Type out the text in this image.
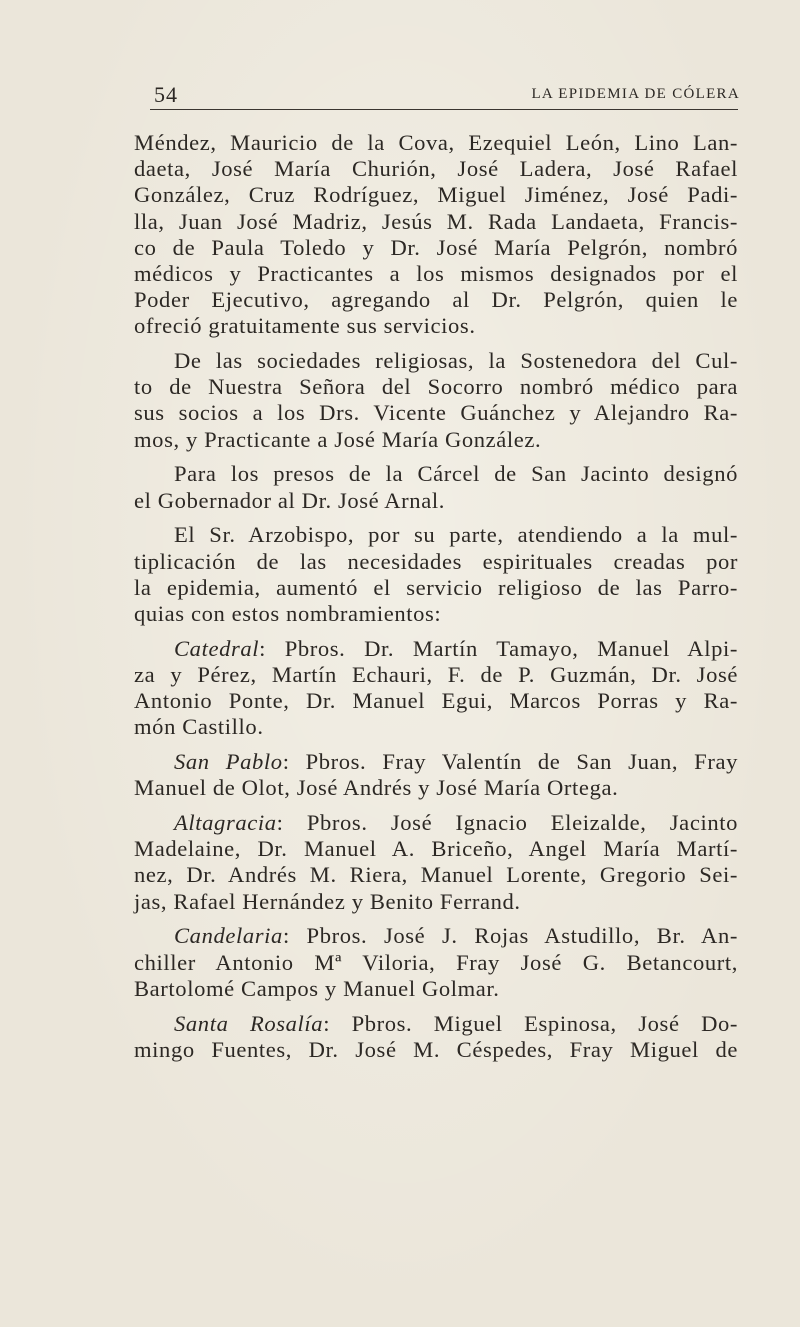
54	LA EPIDEMIA DE CÓLERA

Méndez, Mauricio de la Cova, Ezequiel León, Lino Lan-
daeta, José María Churión, José Ladera, José Rafael
González, Cruz Rodríguez, Miguel Jiménez, José Padi-
lla, Juan José Madriz, Jesús M. Rada Landaeta, Francis-
co de Paula Toledo y Dr. José María Pelgrón, nombró
médicos y Practicantes a los mismos designados por el
Poder Ejecutivo, agregando al Dr. Pelgrón, quien le
ofreció gratuitamente sus servicios.

De las sociedades religiosas, la Sostenedora del Cul-
to de Nuestra Señora del Socorro nombró médico para
sus socios a los Drs. Vicente Guánchez y Alejandro Ra-
mos, y Practicante a José María González.

Para los presos de la Cárcel de San Jacinto designó
el Gobernador al Dr. José Arnal.

El Sr. Arzobispo, por su parte, atendiendo a la mul-
tiplicación de las necesidades espirituales creadas por
la epidemia, aumentó el servicio religioso de las Parro-
quias con estos nombramientos:

Catedral: Pbros. Dr. Martín Tamayo, Manuel Alpi-
za y Pérez, Martín Echauri, F. de P. Guzmán, Dr. José
Antonio Ponte, Dr. Manuel Egui, Marcos Porras y Ra-
món Castillo.

San Pablo: Pbros. Fray Valentín de San Juan, Fray
Manuel de Olot, José Andrés y José María Ortega.

Altagracia: Pbros. José Ignacio Eleizalde, Jacinto
Madelaine, Dr. Manuel A. Briceño, Angel María Martí-
nez, Dr. Andrés M. Riera, Manuel Lorente, Gregorio Sei-
jas, Rafael Hernández y Benito Ferrand.

Candelaria: Pbros. José J. Rojas Astudillo, Br. An-
chiller Antonio Mª Viloria, Fray José G. Betancourt,
Bartolomé Campos y Manuel Golmar.

Santa Rosalía: Pbros. Miguel Espinosa, José Do-
mingo Fuentes, Dr. José M. Céspedes, Fray Miguel de
